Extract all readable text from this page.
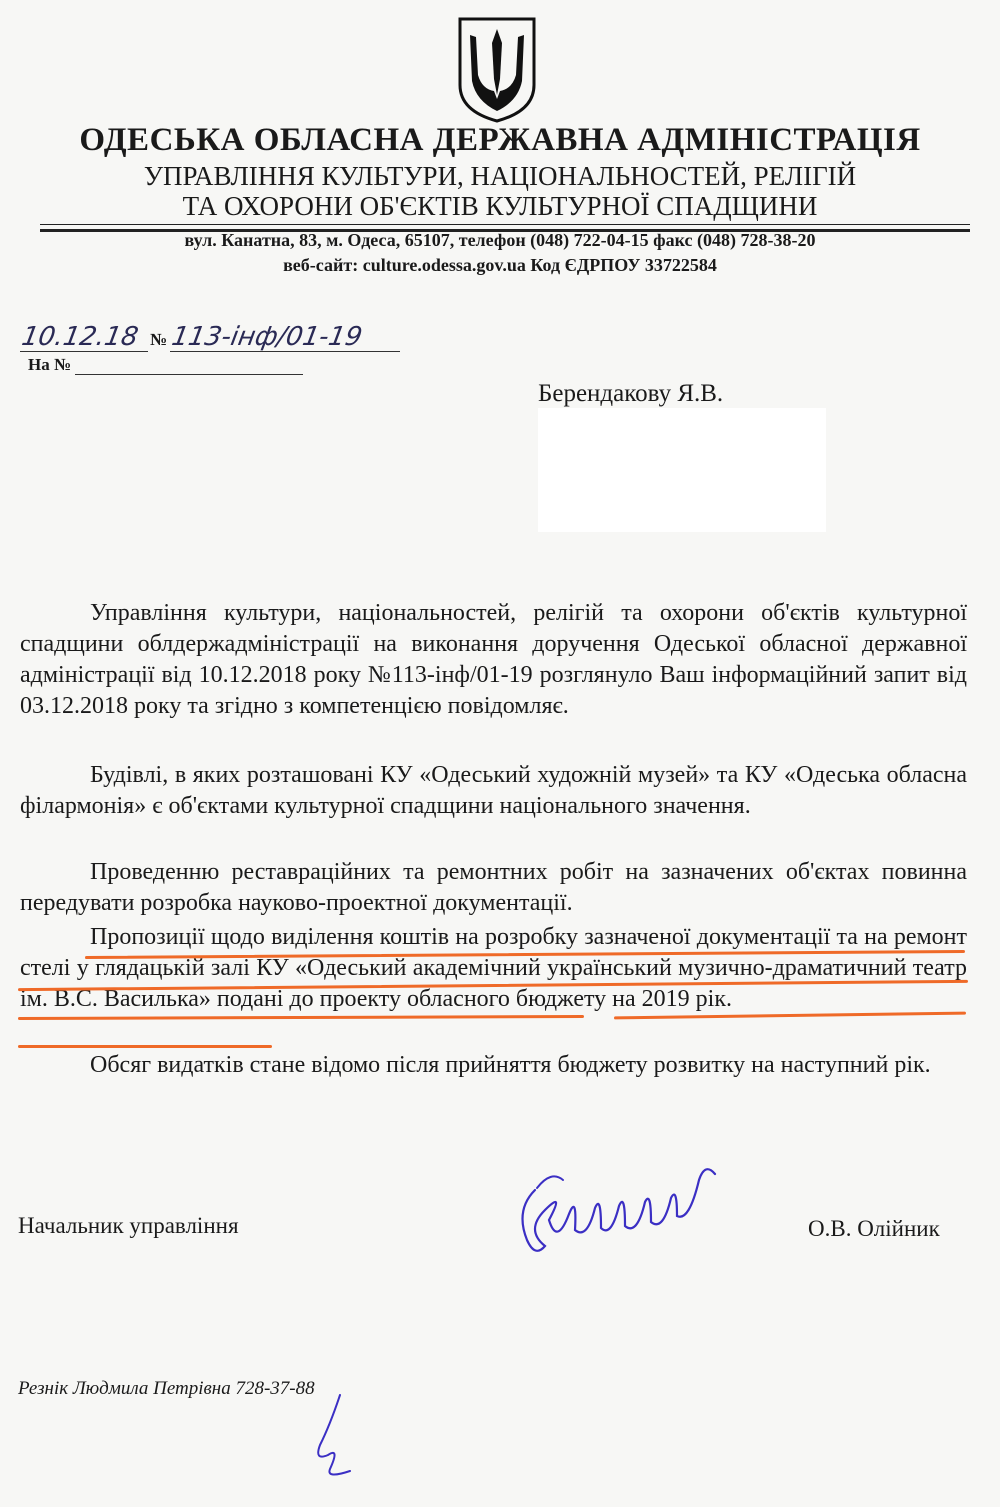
ОДЕСЬКА ОБЛАСНА ДЕРЖАВНА АДМІНІСТРАЦІЯ
УПРАВЛІННЯ КУЛЬТУРИ, НАЦІОНАЛЬНОСТЕЙ, РЕЛІГІЙ
ТА ОХОРОНИ ОБ'ЄКТІВ КУЛЬТУРНОЇ СПАДЩИНИ
вул. Канатна, 83, м. Одеса, 65107, телефон (048) 722-04-15 факс (048) 728-38-20
веб-сайт: culture.odessa.gov.ua Код ЄДРПОУ 33722584
10.12.18 № 113-інф/01-19
На №
Берендакову Я.В.
Управління культури, національностей, релігій та охорони об'єктів культурної спадщини облдержадміністрації на виконання доручення Одеської обласної державної адміністрації від 10.12.2018 року №113-інф/01-19 розглянуло Ваш інформаційний запит від 03.12.2018 року та згідно з компетенцією повідомляє.
Будівлі, в яких розташовані КУ «Одеський художній музей» та КУ «Одеська обласна філармонія» є об'єктами культурної спадщини національного значення.
Проведенню реставраційних та ремонтних робіт на зазначених об'єктах повинна передувати розробка науково-проектної документації.
Пропозиції щодо виділення коштів на розробку зазначеної документації та на ремонт стелі у глядацькій залі КУ «Одеський академічний український музично-драматичний театр ім. В.С. Василька» подані до проекту обласного бюджету на 2019 рік.
Обсяг видатків стане відомо після прийняття бюджету розвитку на наступний рік.
Начальник управління	О.В. Олійник
Резнік Людмила Петрівна 728-37-88
